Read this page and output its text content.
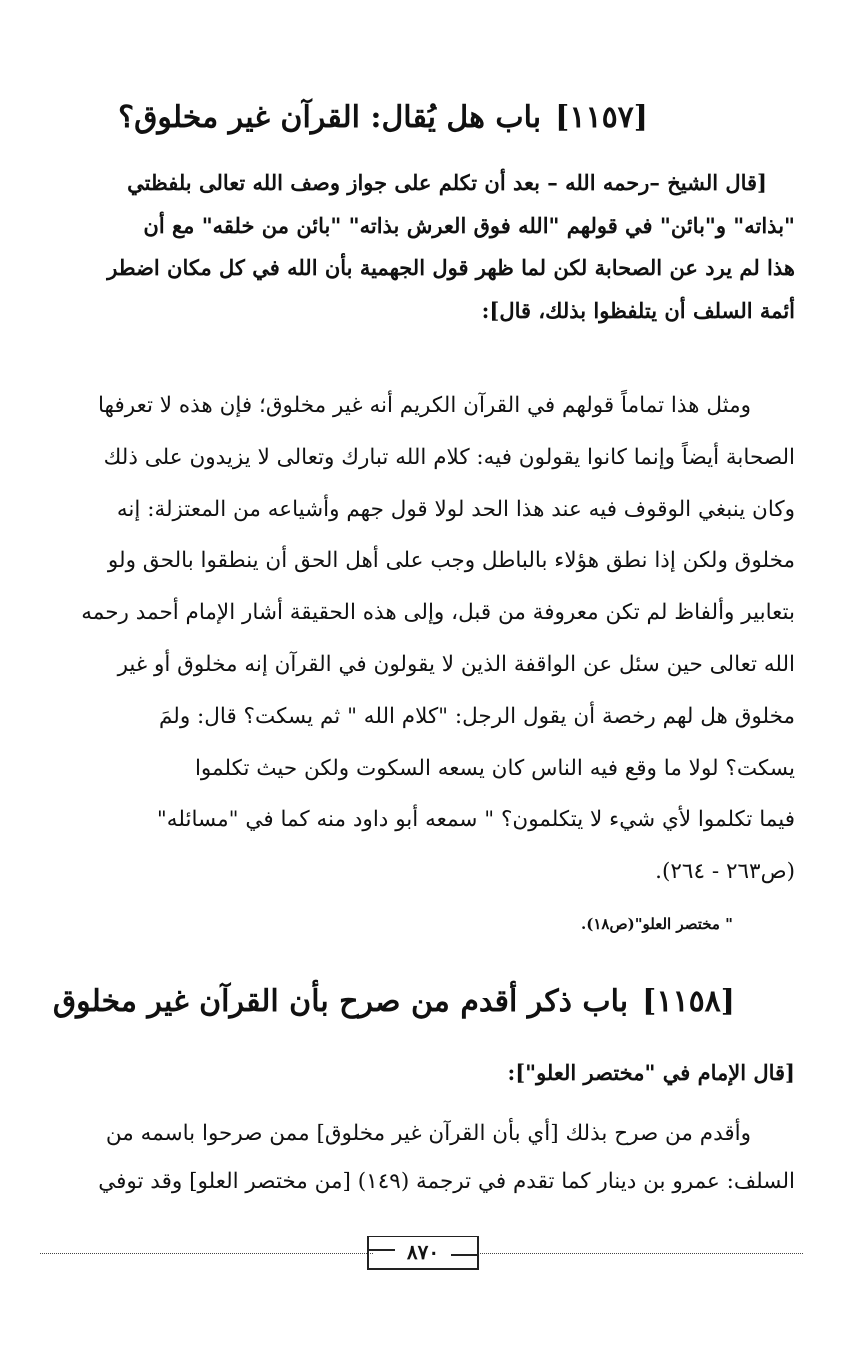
[١١٥٧]باب هل يُقال: القرآن غير مخلوق؟

[قال الشيخ –رحمه الله – بعد أن تكلم على جواز وصف الله تعالى بلفظتي

"بذاته" و"بائن" في قولهم "الله فوق العرش بذاته" "بائن من خلقه" مع أن

هذا لم يرد عن الصحابة لكن لما ظهر قول الجهمية بأن الله في كل مكان اضطر

أئمة السلف أن يتلفظوا بذلك، قال]:

ومثل هذا تماماً قولهم في القرآن الكريم أنه غير مخلوق؛ فإن هذه لا تعرفها

الصحابة أيضاً وإنما كانوا يقولون فيه: كلام الله تبارك وتعالى لا يزيدون على ذلك

وكان ينبغي الوقوف فيه عند هذا الحد لولا قول جهم وأشياعه من المعتزلة: إنه

مخلوق ولكن إذا نطق هؤلاء بالباطل وجب على أهل الحق أن ينطقوا بالحق ولو

بتعابير وألفاظ لم تكن معروفة من قبل، وإلى هذه الحقيقة أشار الإمام أحمد رحمه

الله تعالى حين سئل عن الواقفة الذين لا يقولون في القرآن إنه مخلوق أو غير

مخلوق هل لهم رخصة أن يقول الرجل: "كلام الله " ثم يسكت؟ قال: ولمَ

يسكت؟ لولا ما وقع فيه الناس كان يسعه السكوت ولكن حيث تكلموا

فيما تكلموا لأي شيء لا يتكلمون؟ " سمعه أبو داود منه كما في "مسائله"

(ص٢٦٣ - ٢٦٤).

" مختصر العلو"(ص١٨).
[١١٥٨]باب ذكر أقدم من صرح بأن القرآن غير مخلوق
[قال الإمام في "مختصر العلو"]:

وأقدم من صرح بذلك [أي بأن القرآن غير مخلوق] ممن صرحوا باسمه من

السلف: عمرو بن دينار كما تقدم في ترجمة (١٤٩) [من مختصر العلو] وقد توفي

٨٧٠
